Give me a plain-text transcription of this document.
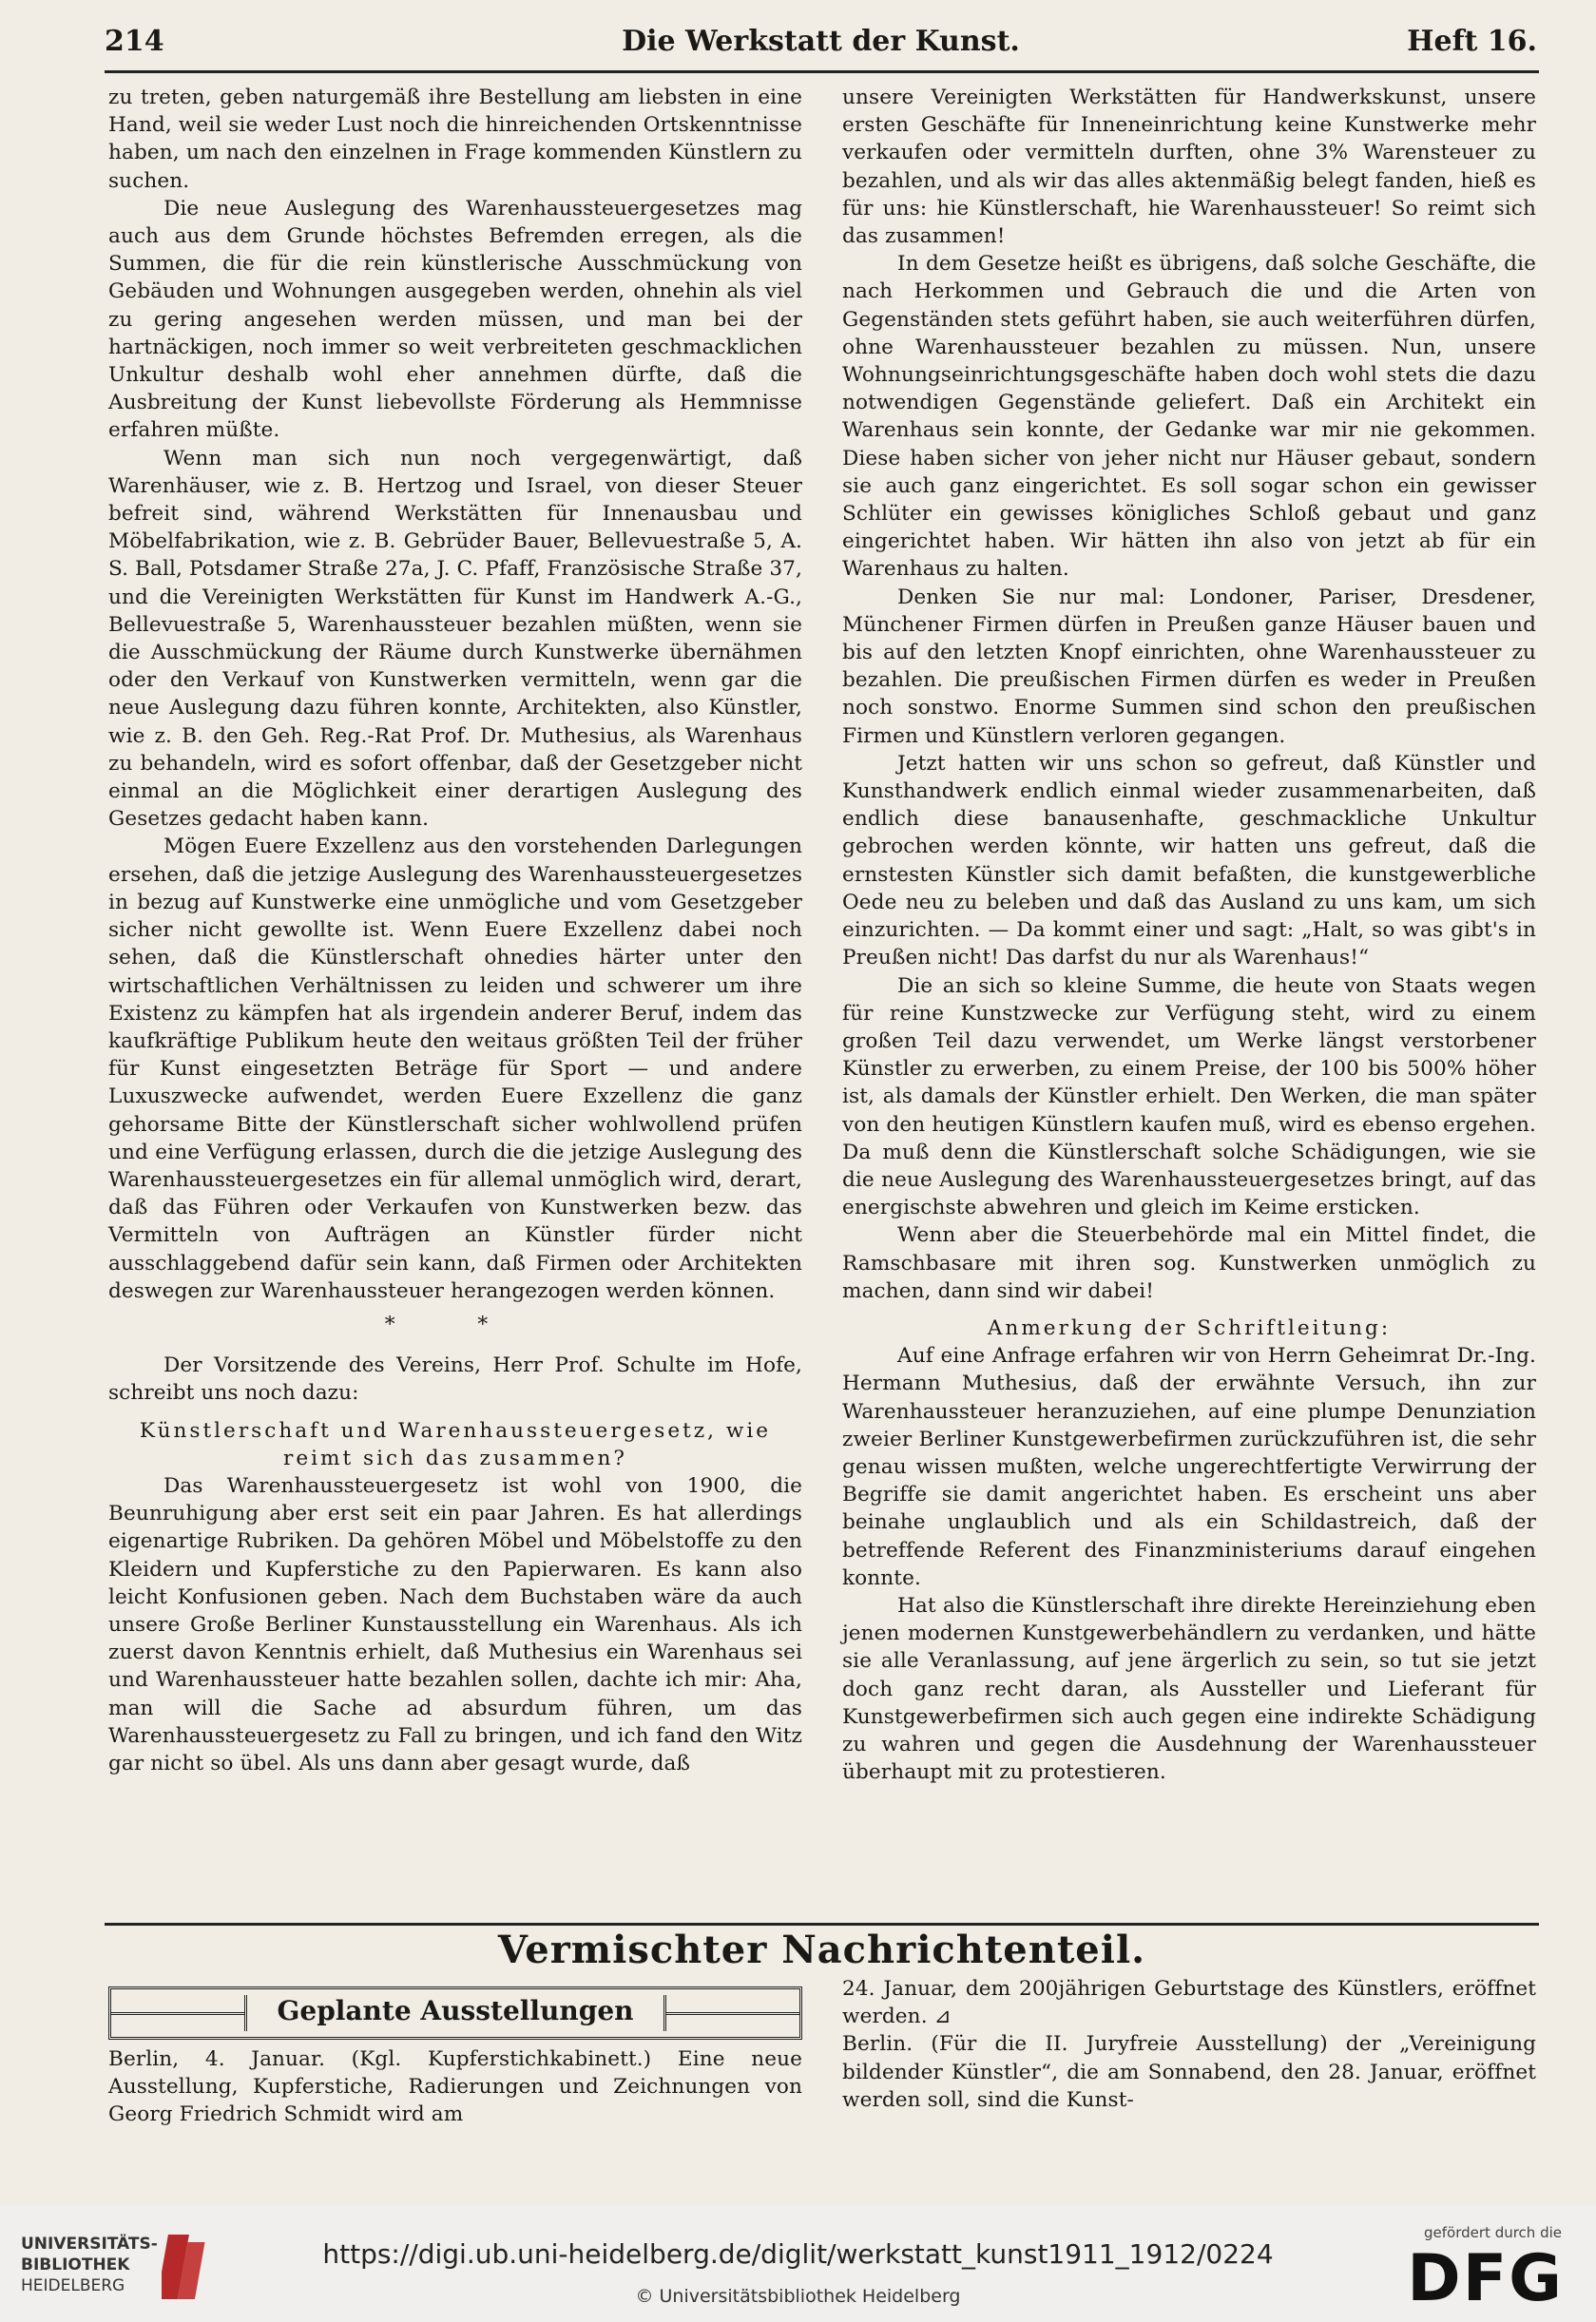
214	Die Werkstatt der Kunst.	Heft 16.

zu treten, geben naturgemäß ihre Bestellung am liebsten in eine Hand, weil sie weder Lust noch die hinreichenden Ortskenntnisse haben, um nach den einzelnen in Frage kommenden Künstlern zu suchen.

Die neue Auslegung des Warenhaussteuergesetzes mag auch aus dem Grunde höchstes Befremden erregen, als die Summen, die für die rein künstlerische Ausschmückung von Gebäuden und Wohnungen ausgegeben werden, ohnehin als viel zu gering angesehen werden müssen, und man bei der hartnäckigen, noch immer so weit verbreiteten geschmacklichen Unkultur deshalb wohl eher annehmen dürfte, daß die Ausbreitung der Kunst liebevollste Förderung als Hemmnisse erfahren müßte.

Wenn man sich nun noch vergegenwärtigt, daß Warenhäuser, wie z. B. Hertzog und Israel, von dieser Steuer befreit sind, während Werkstätten für Innenausbau und Möbelfabrikation, wie z. B. Gebrüder Bauer, Bellevuestraße 5, A. S. Ball, Potsdamer Straße 27a, J. C. Pfaff, Französische Straße 37, und die Vereinigten Werkstätten für Kunst im Handwerk A.-G., Bellevuestraße 5, Warenhaussteuer bezahlen müßten, wenn sie die Ausschmückung der Räume durch Kunstwerke übernähmen oder den Verkauf von Kunstwerken vermitteln, wenn gar die neue Auslegung dazu führen konnte, Architekten, also Künstler, wie z. B. den Geh. Reg.-Rat Prof. Dr. Muthesius, als Warenhaus zu behandeln, wird es sofort offenbar, daß der Gesetzgeber nicht einmal an die Möglichkeit einer derartigen Auslegung des Gesetzes gedacht haben kann.

Mögen Euere Exzellenz aus den vorstehenden Darlegungen ersehen, daß die jetzige Auslegung des Warenhaussteuergesetzes in bezug auf Kunstwerke eine unmögliche und vom Gesetzgeber sicher nicht gewollte ist. Wenn Euere Exzellenz dabei noch sehen, daß die Künstlerschaft ohnedies härter unter den wirtschaftlichen Verhältnissen zu leiden und schwerer um ihre Existenz zu kämpfen hat als irgendein anderer Beruf, indem das kaufkräftige Publikum heute den weitaus größten Teil der früher für Kunst eingesetzten Beträge für Sport — und andere Luxuszwecke aufwendet, werden Euere Exzellenz die ganz gehorsame Bitte der Künstlerschaft sicher wohlwollend prüfen und eine Verfügung erlassen, durch die die jetzige Auslegung des Warenhaussteuergesetzes ein für allemal unmöglich wird, derart, daß das Führen oder Verkaufen von Kunstwerken bezw. das Vermitteln von Aufträgen an Künstler fürder nicht ausschlaggebend dafür sein kann, daß Firmen oder Architekten deswegen zur Warenhaussteuer herangezogen werden können.

* *

Der Vorsitzende des Vereins, Herr Prof. Schulte im Hofe, schreibt uns noch dazu:

Künstlerschaft und Warenhaussteuergesetz, wie reimt sich das zusammen?

Das Warenhaussteuergesetz ist wohl von 1900, die Beunruhigung aber erst seit ein paar Jahren. Es hat allerdings eigenartige Rubriken. Da gehören Möbel und Möbelstoffe zu den Kleidern und Kupferstiche zu den Papierwaren. Es kann also leicht Konfusionen geben. Nach dem Buchstaben wäre da auch unsere Große Berliner Kunstausstellung ein Warenhaus. Als ich zuerst davon Kenntnis erhielt, daß Muthesius ein Warenhaus sei und Warenhaussteuer hatte bezahlen sollen, dachte ich mir: Aha, man will die Sache ad absurdum führen, um das Warenhaussteuergesetz zu Fall zu bringen, und ich fand den Witz gar nicht so übel. Als uns dann aber gesagt wurde, daß

unsere Vereinigten Werkstätten für Handwerkskunst, unsere ersten Geschäfte für Inneneinrichtung keine Kunstwerke mehr verkaufen oder vermitteln durften, ohne 3% Warensteuer zu bezahlen, und als wir das alles aktenmäßig belegt fanden, hieß es für uns: hie Künstlerschaft, hie Warenhaussteuer! So reimt sich das zusammen!

In dem Gesetze heißt es übrigens, daß solche Geschäfte, die nach Herkommen und Gebrauch die und die Arten von Gegenständen stets geführt haben, sie auch weiterführen dürfen, ohne Warenhaussteuer bezahlen zu müssen. Nun, unsere Wohnungseinrichtungsgeschäfte haben doch wohl stets die dazu notwendigen Gegenstände geliefert. Daß ein Architekt ein Warenhaus sein konnte, der Gedanke war mir nie gekommen. Diese haben sicher von jeher nicht nur Häuser gebaut, sondern sie auch ganz eingerichtet. Es soll sogar schon ein gewisser Schlüter ein gewisses königliches Schloß gebaut und ganz eingerichtet haben. Wir hätten ihn also von jetzt ab für ein Warenhaus zu halten.

Denken Sie nur mal: Londoner, Pariser, Dresdener, Münchener Firmen dürfen in Preußen ganze Häuser bauen und bis auf den letzten Knopf einrichten, ohne Warenhaussteuer zu bezahlen. Die preußischen Firmen dürfen es weder in Preußen noch sonstwo. Enorme Summen sind schon den preußischen Firmen und Künstlern verloren gegangen.

Jetzt hatten wir uns schon so gefreut, daß Künstler und Kunsthandwerk endlich einmal wieder zusammenarbeiten, daß endlich diese banausenhafte, geschmackliche Unkultur gebrochen werden könnte, wir hatten uns gefreut, daß die ernstesten Künstler sich damit befaßten, die kunstgewerbliche Oede neu zu beleben und daß das Ausland zu uns kam, um sich einzurichten. — Da kommt einer und sagt: „Halt, so was gibt's in Preußen nicht! Das darfst du nur als Warenhaus!“

Die an sich so kleine Summe, die heute von Staats wegen für reine Kunstzwecke zur Verfügung steht, wird zu einem großen Teil dazu verwendet, um Werke längst verstorbener Künstler zu erwerben, zu einem Preise, der 100 bis 500% höher ist, als damals der Künstler erhielt. Den Werken, die man später von den heutigen Künstlern kaufen muß, wird es ebenso ergehen. Da muß denn die Künstlerschaft solche Schädigungen, wie sie die neue Auslegung des Warenhaussteuergesetzes bringt, auf das energischste abwehren und gleich im Keime ersticken.

Wenn aber die Steuerbehörde mal ein Mittel findet, die Ramschbasare mit ihren sog. Kunstwerken unmöglich zu machen, dann sind wir dabei!

Anmerkung der Schriftleitung:

Auf eine Anfrage erfahren wir von Herrn Geheimrat Dr.-Ing. Hermann Muthesius, daß der erwähnte Versuch, ihn zur Warenhaussteuer heranzuziehen, auf eine plumpe Denunziation zweier Berliner Kunstgewerbefirmen zurückzuführen ist, die sehr genau wissen mußten, welche ungerechtfertigte Verwirrung der Begriffe sie damit angerichtet haben. Es erscheint uns aber beinahe unglaublich und als ein Schildastreich, daß der betreffende Referent des Finanzministeriums darauf eingehen konnte.

Hat also die Künstlerschaft ihre direkte Hereinziehung eben jenen modernen Kunstgewerbehändlern zu verdanken, und hätte sie alle Veranlassung, auf jene ärgerlich zu sein, so tut sie jetzt doch ganz recht daran, als Aussteller und Lieferant für Kunstgewerbefirmen sich auch gegen eine indirekte Schädigung zu wahren und gegen die Ausdehnung der Warenhaussteuer überhaupt mit zu protestieren.

Vermischter Nachrichtenteil.
Geplante Ausstellungen

Berlin, 4. Januar. (Kgl. Kupferstichkabinett.) Eine neue Ausstellung, Kupferstiche, Radierungen und Zeichnungen von Georg Friedrich Schmidt wird am

24. Januar, dem 200jährigen Geburtstage des Künstlers, eröffnet werden. ⊿

Berlin. (Für die II. Juryfreie Ausstellung) der „Vereinigung bildender Künstler“, die am Sonnabend, den 28. Januar, eröffnet werden soll, sind die Kunst-

UNIVERSITÄTS-
BIBLIOTHEK
HEIDELBERG
https://digi.ub.uni-heidelberg.de/diglit/werkstatt_kunst1911_1912/0224
© Universitätsbibliothek Heidelberg
gefördert durch die
DFG
